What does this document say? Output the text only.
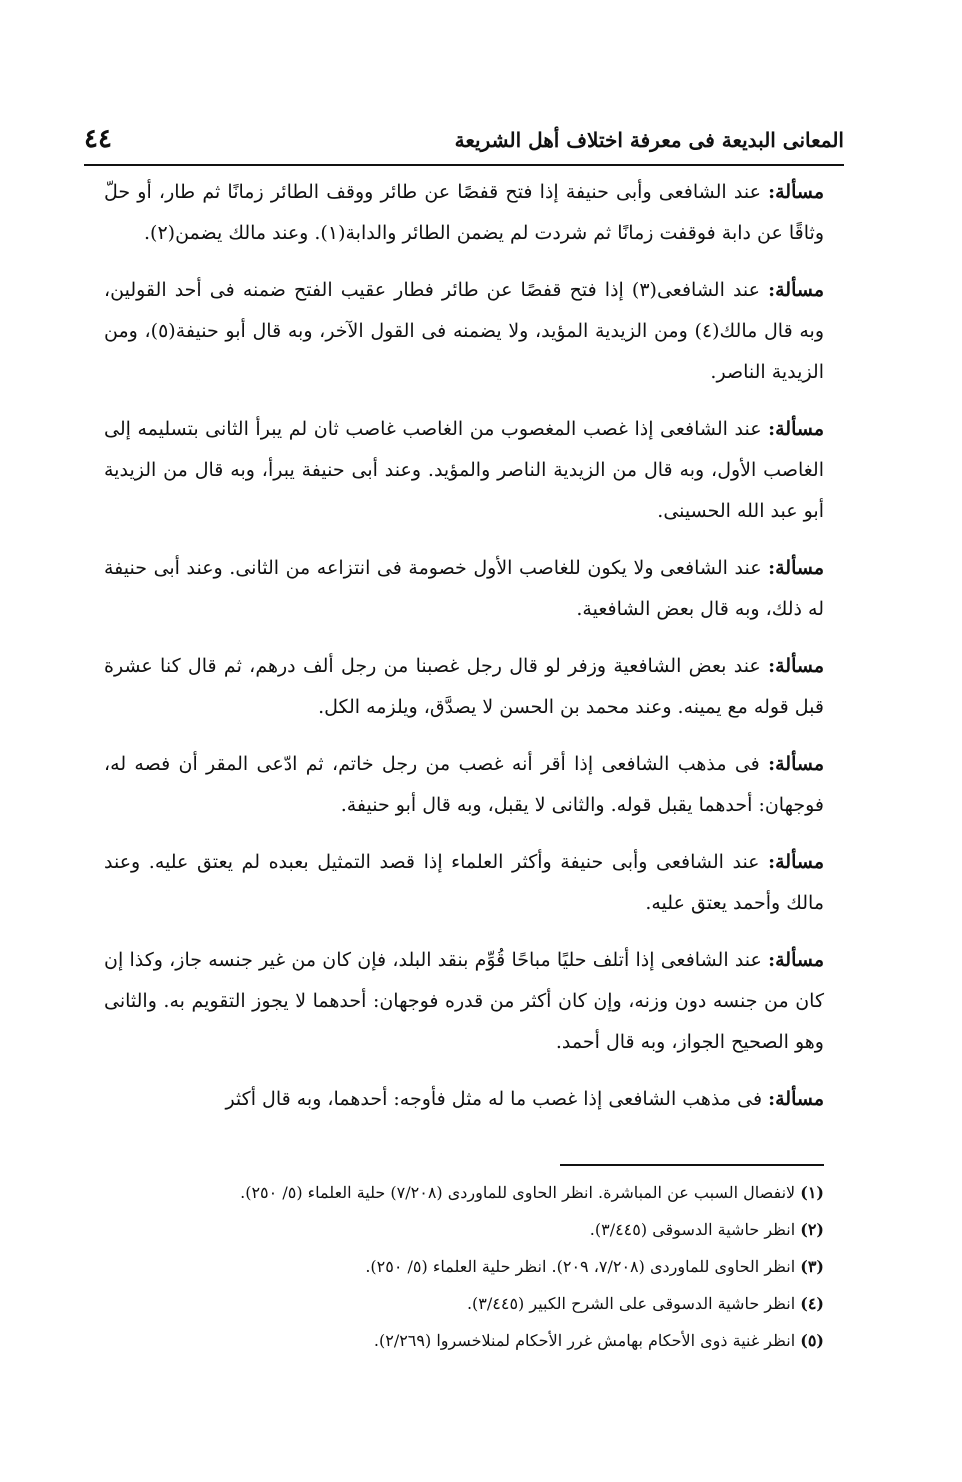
المعانى البديعة فى معرفة اختلاف أهل الشريعة
٤٤

مسألة: عند الشافعى وأبى حنيفة إذا فتح قفصًا عن طائر ووقف الطائر زمانًا ثم طار، أو حلّ وثاقًا عن دابة فوقفت زمانًا ثم شردت لم يضمن الطائر والدابة(١). وعند مالك يضمن(٢).

مسألة: عند الشافعى(٣) إذا فتح قفصًا عن طائر فطار عقيب الفتح ضمنه فى أحد القولين، وبه قال مالك(٤) ومن الزيدية المؤيد، ولا يضمنه فى القول الآخر، وبه قال أبو حنيفة(٥)، ومن الزيدية الناصر.

مسألة: عند الشافعى إذا غصب المغصوب من الغاصب غاصب ثان لم يبرأ الثانى بتسليمه إلى الغاصب الأول، وبه قال من الزيدية الناصر والمؤيد. وعند أبى حنيفة يبرأ، وبه قال من الزيدية أبو عبد الله الحسينى.

مسألة: عند الشافعى ولا يكون للغاصب الأول خصومة فى انتزاعه من الثانى. وعند أبى حنيفة له ذلك، وبه قال بعض الشافعية.

مسألة: عند بعض الشافعية وزفر لو قال رجل غصبنا من رجل ألف درهم، ثم قال كنا عشرة قبل قوله مع يمينه. وعند محمد بن الحسن لا يصدَّق، ويلزمه الكل.

مسألة: فى مذهب الشافعى إذا أقر أنه غصب من رجل خاتم، ثم ادّعى المقر أن فصه له، فوجهان: أحدهما يقبل قوله. والثانى لا يقبل، وبه قال أبو حنيفة.

مسألة: عند الشافعى وأبى حنيفة وأكثر العلماء إذا قصد التمثيل بعبده لم يعتق عليه. وعند مالك وأحمد يعتق عليه.

مسألة: عند الشافعى إذا أتلف حليًا مباحًا قُوِّم بنقد البلد، فإن كان من غير جنسه جاز، وكذا إن كان من جنسه دون وزنه، وإن كان أكثر من قدره فوجهان: أحدهما لا يجوز التقويم به. والثانى وهو الصحيح الجواز، وبه قال أحمد.

مسألة: فى مذهب الشافعى إذا غصب ما له مثل فأوجه: أحدهما، وبه قال أكثر

(١) لانفصال السبب عن المباشرة. انظر الحاوى للماوردى (٧/٢٠٨) حلية العلماء (٥/ ٢٥٠).
(٢) انظر حاشية الدسوقى (٣/٤٤٥).
(٣) انظر الحاوى للماوردى (٧/٢٠٨، ٢٠٩). انظر حلية العلماء (٥/ ٢٥٠).
(٤) انظر حاشية الدسوقى على الشرح الكبير (٣/٤٤٥).
(٥) انظر غنية ذوى الأحكام بهامش غرر الأحكام لمنلاخسروا (٢/٢٦٩).
